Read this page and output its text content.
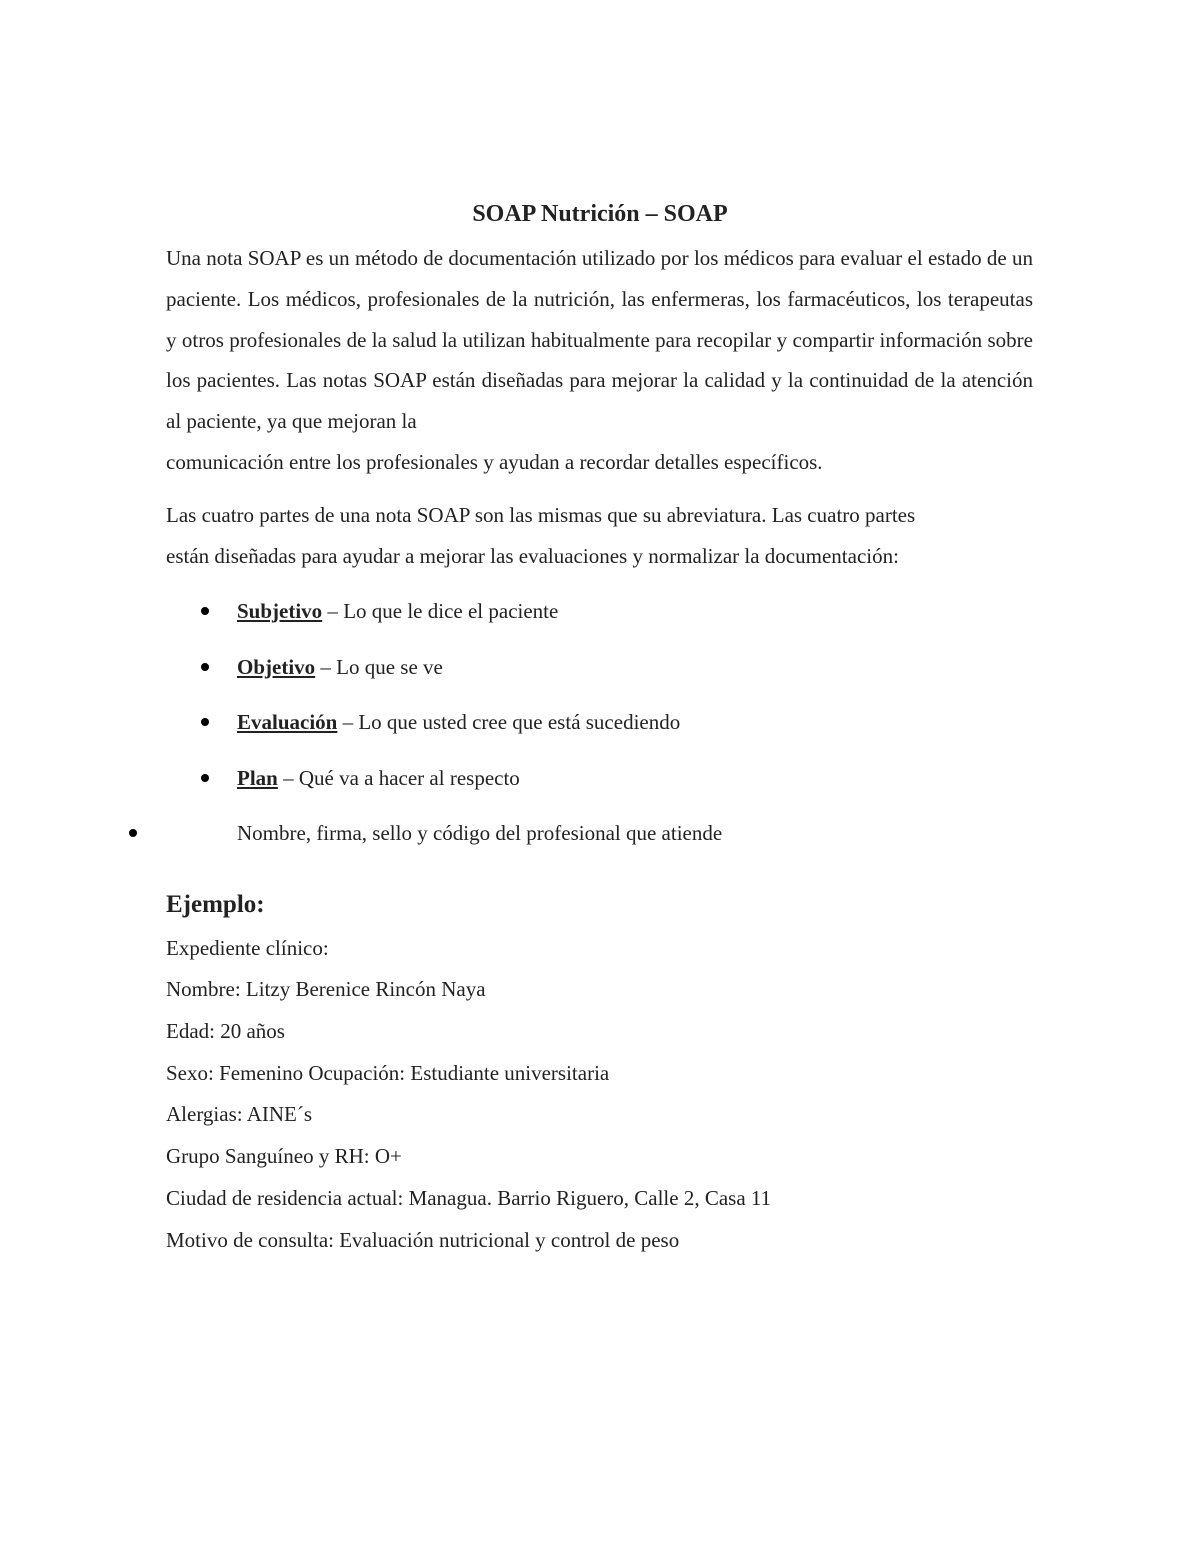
SOAP Nutrición – SOAP

Una nota SOAP es un método de documentación utilizado por los médicos para evaluar el estado de un paciente. Los médicos, profesionales de la nutrición, las enfermeras, los farmacéuticos, los terapeutas y otros profesionales de la salud la utilizan habitualmente para recopilar y compartir información sobre los pacientes. Las notas SOAP están diseñadas para mejorar la calidad y la continuidad de la atención al paciente, ya que mejoran la
comunicación entre los profesionales y ayudan a recordar detalles específicos.

Las cuatro partes de una nota SOAP son las mismas que su abreviatura. Las cuatro partes
están diseñadas para ayudar a mejorar las evaluaciones y normalizar la documentación:

Subjetivo – Lo que le dice el paciente
Objetivo – Lo que se ve
Evaluación – Lo que usted cree que está sucediendo
Plan – Qué va a hacer al respecto
Nombre, firma, sello y código del profesional que atiende
Ejemplo:

Expediente clínico:

Nombre: Litzy Berenice Rincón Naya

Edad: 20 años

Sexo: Femenino Ocupación: Estudiante universitaria

Alergias: AINE´s

Grupo Sanguíneo y RH: O+

Ciudad de residencia actual: Managua. Barrio Riguero, Calle 2, Casa 11

Motivo de consulta: Evaluación nutricional y control de peso
